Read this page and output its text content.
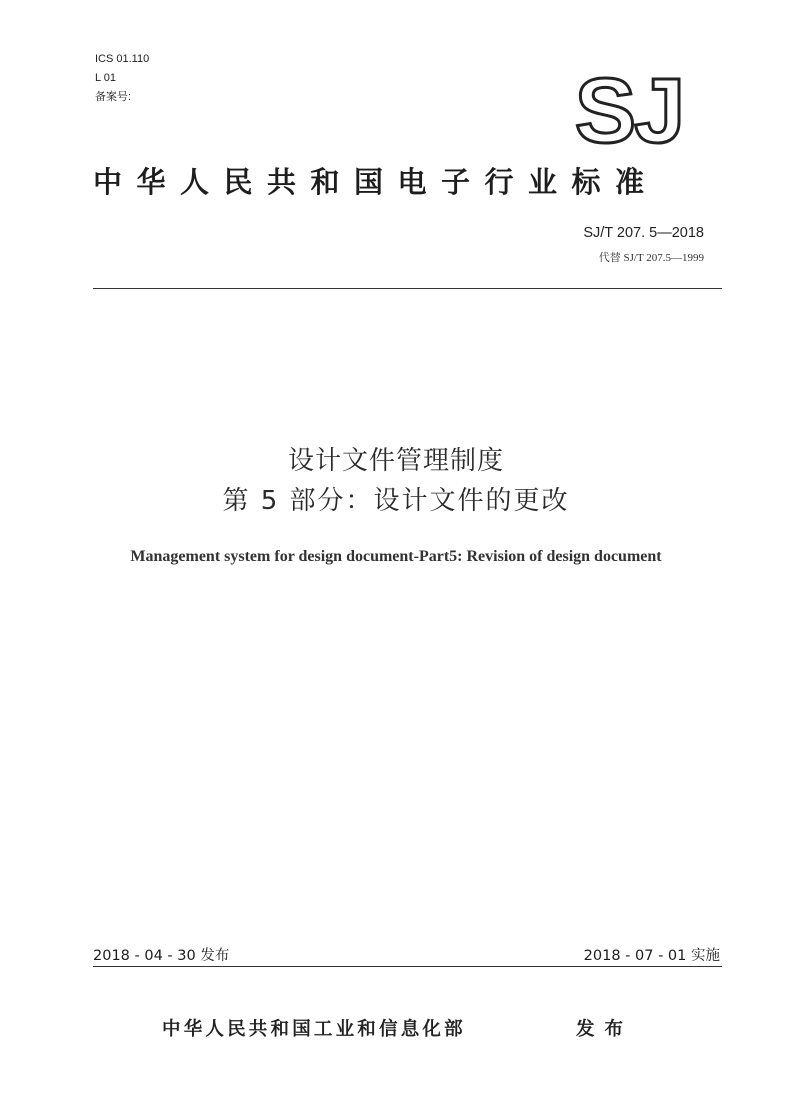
ICS 01.110
L 01
备案号:	SJ
中华人民共和国电子行业标准
SJ/T 207. 5—2018
代替 SJ/T 207.5—1999
设计文件管理制度
第 5 部分：设计文件的更改
Management system for design document-Part5: Revision of design document
2018 - 04 - 30 发布	2018 - 07 - 01 实施
中华人民共和国工业和信息化部	发布
